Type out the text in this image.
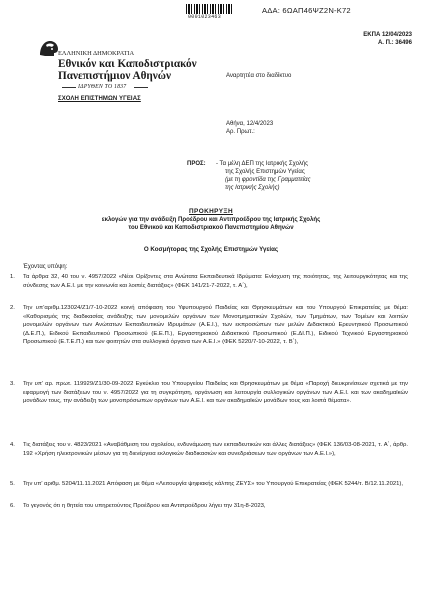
0001023463
ΑΔΑ: 6ΩΑΠ46ΨΖ2Ν-Κ72
ΕΚΠΑ 12/04/2023
Α. Π.: 36496
ΕΛΛΗΝΙΚΗ ΔΗΜΟΚΡΑΤΙΑ
Εθνικόν και Καποδιστριακόν
Πανεπιστήμιον Αθηνών
ΙΔΡΥΘΕΝ ΤΟ 1837
ΣΧΟΛΗ ΕΠΙΣΤΗΜΩΝ ΥΓΕΙΑΣ
Αναρτητέα στο διαδίκτυο
Αθήνα, 12/4/2023
Αρ. Πρωτ.:
ΠΡΟΣ: - Τα μέλη ΔΕΠ της Ιατρικής Σχολής
της Σχολής Επιστημών Υγείας
(με τη φροντίδα της Γραμματείας
της Ιατρικής Σχολής)
ΠΡΟΚΗΡΥΞΗ
εκλογών για την ανάδειξη Προέδρου και Αντιπροέδρου της Ιατρικής Σχολής
του Εθνικού και Καποδιστριακού Πανεπιστημίου Αθηνών
Ο Κοσμήτορας της Σχολής Επιστημών Υγείας
Έχοντας υπόψη:
1. Τα άρθρα 32, 40 του ν. 4957/2022 «Νέοι Ορίζοντες στα Ανώτατα Εκπαιδευτικά Ιδρύματα: Ενίσχυση της ποιότητας, της λειτουργικότητας και της σύνδεσης των Α.Ε.Ι. με την κοινωνία και λοιπές διατάξεις» (ΦΕΚ 141/21-7-2022, τ. Α΄),
2. Την υπ’αριθμ.123024/Ζ1/7-10-2022 κοινή απόφαση του Υφυπουργού Παιδείας και Θρησκευμάτων και του Υπουργού Επικρατείας με θέμα: «Καθορισμός της διαδικασίας ανάδειξης των μονομελών οργάνων των Μονοτμηματικών Σχολών, των Τμημάτων, των Τομέων και λοιπών μονομελών οργάνων των Ανώτατων Εκπαιδευτικών Ιδρυμάτων (Α.Ε.Ι.), των εκπροσώπων των μελών Διδακτικού Ερευνητικού Προσωπικού (Δ.Ε.Π.), Ειδικού Εκπαιδευτικού Προσωπικού (Ε.Ε.Π.), Εργαστηριακού Διδακτικού Προσωπικού (Ε.ΔΙ.Π.), Ειδικού Τεχνικού Εργαστηριακού Προσωπικού (Ε.Τ.Ε.Π.) και των φοιτητών στα συλλογικά όργανα των Α.Ε.Ι.» (ΦΕΚ 5220/7-10-2022, τ. Β΄),
3. Την υπ’ αρ. πρωτ. 119929/Ζ1/30-09-2022 Εγκύκλιο του Υπουργείου Παιδείας και Θρησκευμάτων με θέμα «Παροχή διευκρινίσεων σχετικά με την εφαρμογή των διατάξεων του ν. 4957/2022 για τη συγκρότηση, οργάνωση και λειτουργία συλλογικών οργάνων των Α.Ε.Ι. και των ακαδημαϊκών μονάδων τους, την ανάδειξη των μονοπρόσωπων οργάνων των Α.Ε.Ι. και των ακαδημαϊκών μονάδων τους και λοιπά θέματα».
4. Τις διατάξεις του ν. 4823/2021 «Αναβάθμιση του σχολείου, ενδυνάμωση των εκπαιδευτικών και άλλες διατάξεις» (ΦΕΚ 136/03-08-2021, τ. Α΄, άρθρ. 192 «Χρήση ηλεκτρονικών μέσων για τη διενέργεια εκλογικών διαδικασιών και συνεδριάσεων των οργάνων των Α.Ε.Ι.»),
5. Την υπ’ αριθμ. 5204/11.11.2021 Απόφαση με θέμα «Λειτουργία ψηφιακής κάλπης ΖΕΥΣ» του Υπουργού Επικρατείας (ΦΕΚ 5244/τ. Β/12.11.2021),
6. Το γεγονός ότι η θητεία του υπηρετούντος Προέδρου και Αντιπροέδρου λήγει την 31η-8-2023,
